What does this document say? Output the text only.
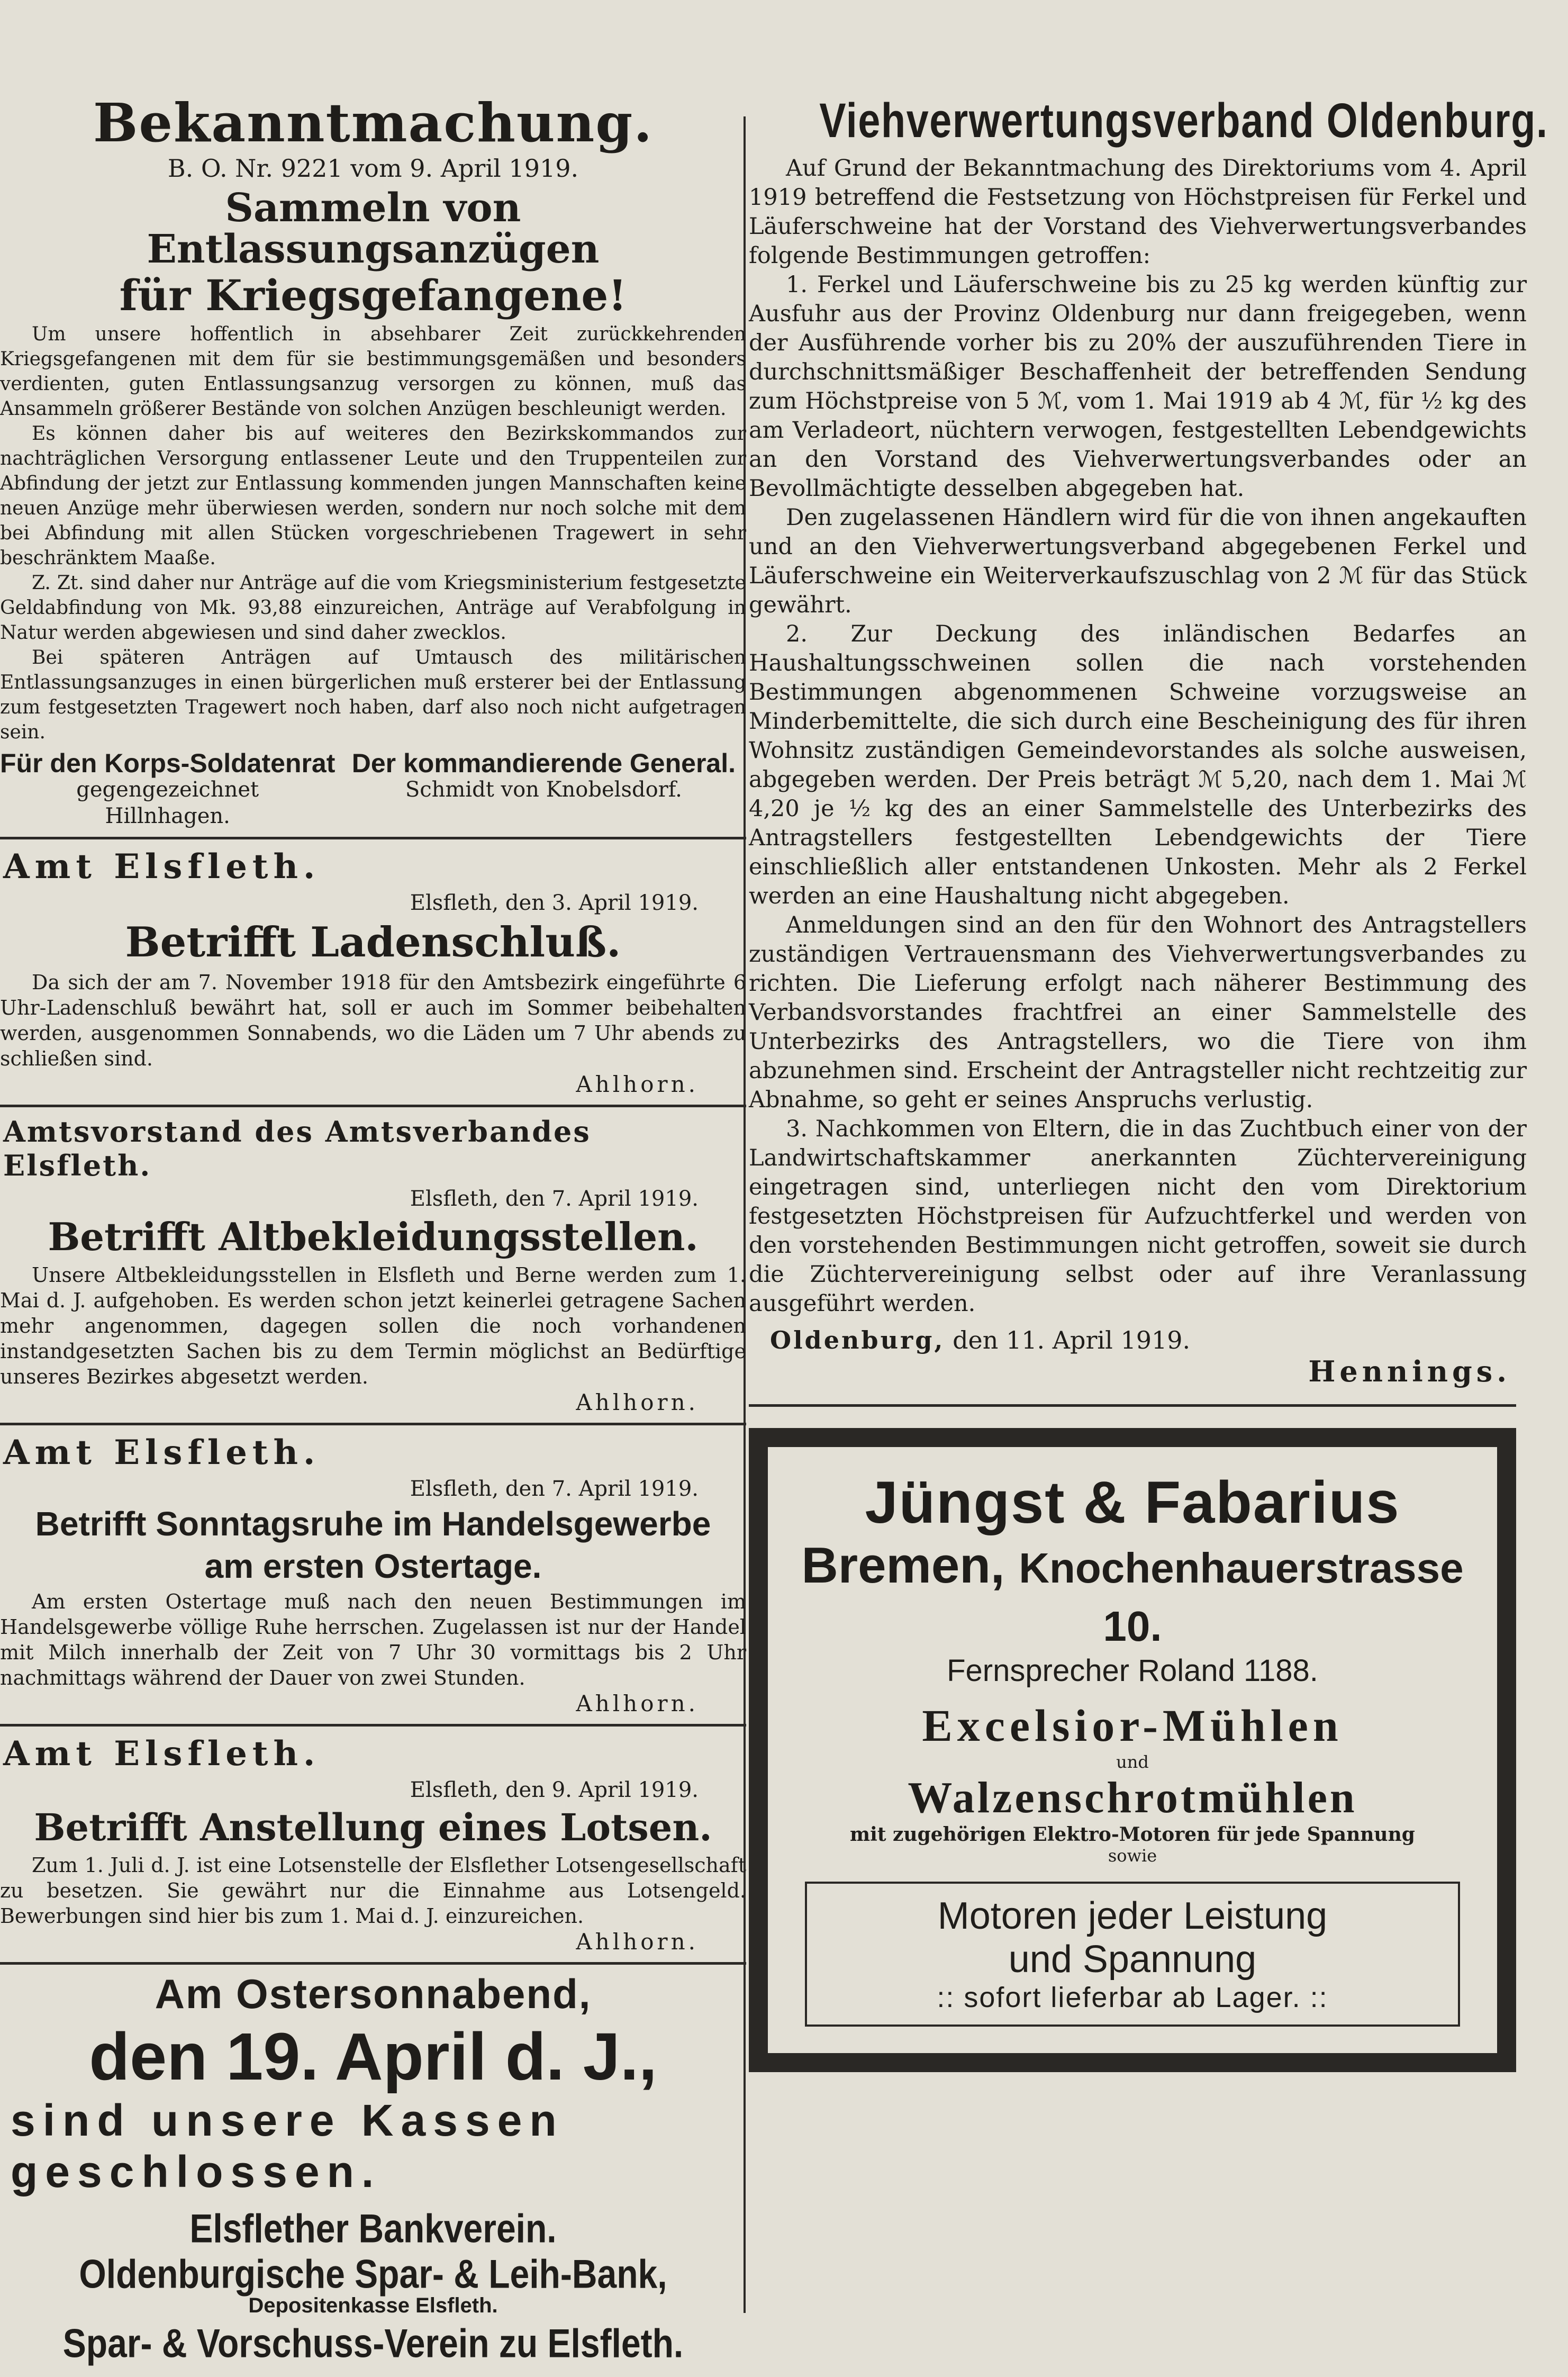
Bekanntmachung.
B. O. Nr. 9221 vom 9. April 1919.
Sammeln von Entlassungsanzügen
für Kriegsgefangene!

Um unsere hoffentlich in absehbarer Zeit zurückkehrenden Kriegsgefangenen mit dem für sie bestimmungsgemäßen und besonders verdienten, guten Entlassungsanzug versorgen zu können, muß das Ansammeln größerer Bestände von solchen Anzügen beschleunigt werden.

Es können daher bis auf weiteres den Bezirkskommandos zur nachträglichen Versorgung entlassener Leute und den Truppenteilen zur Abfindung der jetzt zur Entlassung kommenden jungen Mannschaften keine neuen Anzüge mehr überwiesen werden, sondern nur noch solche mit dem bei Abfindung mit allen Stücken vorgeschriebenen Tragewert in sehr beschränktem Maaße.

Z. Zt. sind daher nur Anträge auf die vom Kriegsministerium festgesetzte Geldabfindung von Mk. 93,88 einzureichen, Anträge auf Verabfolgung in Natur werden abgewiesen und sind daher zwecklos.

Bei späteren Anträgen auf Umtausch des militärischen Entlassungsanzuges in einen bürgerlichen muß ersterer bei der Entlassung zum festgesetzten Tragewert noch haben, darf also noch nicht aufgetragen sein.

Für den Korps-Soldatenrat
gegengezeichnet
Hillnhagen.
Der kommandierende General.
Schmidt von Knobelsdorf.
Amt Elsfleth.
Elsfleth, den 3. April 1919.
Betrifft Ladenschluß.

Da sich der am 7. November 1918 für den Amtsbezirk eingeführte 6 Uhr-Ladenschluß bewährt hat, soll er auch im Sommer beibehalten werden, ausgenommen Sonnabends, wo die Läden um 7 Uhr abends zu schließen sind.

Ahlhorn.
Amtsvorstand des Amtsverbandes Elsfleth.
Elsfleth, den 7. April 1919.
Betrifft Altbekleidungsstellen.

Unsere Altbekleidungsstellen in Elsfleth und Berne werden zum 1. Mai d. J. aufgehoben. Es werden schon jetzt keinerlei getragene Sachen mehr angenommen, dagegen sollen die noch vorhandenen instandgesetzten Sachen bis zu dem Termin möglichst an Bedürftige unseres Bezirkes abgesetzt werden.

Ahlhorn.
Amt Elsfleth.
Elsfleth, den 7. April 1919.
Betrifft Sonntagsruhe im Handelsgewerbe
am ersten Ostertage.

Am ersten Ostertage muß nach den neuen Bestimmungen im Handelsgewerbe völlige Ruhe herrschen. Zugelassen ist nur der Handel mit Milch innerhalb der Zeit von 7 Uhr 30 vormittags bis 2 Uhr nachmittags während der Dauer von zwei Stunden.

Ahlhorn.
Amt Elsfleth.
Elsfleth, den 9. April 1919.
Betrifft Anstellung eines Lotsen.

Zum 1. Juli d. J. ist eine Lotsenstelle der Elsflether Lotsengesellschaft zu besetzen. Sie gewährt nur die Einnahme aus Lotsengeld. Bewerbungen sind hier bis zum 1. Mai d. J. einzureichen.

Ahlhorn.
Am Ostersonnabend,
den 19. April d. J.,
sind unsere Kassen geschlossen.
Elsflether Bankverein.
Oldenburgische Spar- & Leih-Bank,
Depositenkasse Elsfleth.
Spar- & Vorschuss-Verein zu Elsfleth.
Viehverwertungsverband Oldenburg.

Auf Grund der Bekanntmachung des Direktoriums vom 4. April 1919 betreffend die Festsetzung von Höchstpreisen für Ferkel und Läuferschweine hat der Vorstand des Viehverwertungsverbandes folgende Bestimmungen getroffen:

1. Ferkel und Läuferschweine bis zu 25 kg werden künftig zur Ausfuhr aus der Provinz Oldenburg nur dann freigegeben, wenn der Ausführende vorher bis zu 20% der auszuführenden Tiere in durchschnittsmäßiger Beschaffenheit der betreffenden Sendung zum Höchstpreise von 5 ℳ, vom 1. Mai 1919 ab 4 ℳ, für ½ kg des am Verladeort, nüchtern verwogen, festgestellten Lebendgewichts an den Vorstand des Viehverwertungsverbandes oder an Bevollmächtigte desselben abgegeben hat.

Den zugelassenen Händlern wird für die von ihnen angekauften und an den Viehverwertungsverband abgegebenen Ferkel und Läuferschweine ein Weiterverkaufszuschlag von 2 ℳ für das Stück gewährt.

2. Zur Deckung des inländischen Bedarfes an Haushaltungsschweinen sollen die nach vorstehenden Bestimmungen abgenommenen Schweine vorzugsweise an Minderbemittelte, die sich durch eine Bescheinigung des für ihren Wohnsitz zuständigen Gemeindevorstandes als solche ausweisen, abgegeben werden. Der Preis beträgt ℳ 5,20, nach dem 1. Mai ℳ 4,20 je ½ kg des an einer Sammelstelle des Unterbezirks des Antragstellers festgestellten Lebendgewichts der Tiere einschließlich aller entstandenen Unkosten. Mehr als 2 Ferkel werden an eine Haushaltung nicht abgegeben.

Anmeldungen sind an den für den Wohnort des Antragstellers zuständigen Vertrauensmann des Viehverwertungsverbandes zu richten. Die Lieferung erfolgt nach näherer Bestimmung des Verbandsvorstandes frachtfrei an einer Sammelstelle des Unterbezirks des Antragstellers, wo die Tiere von ihm abzunehmen sind. Erscheint der Antragsteller nicht rechtzeitig zur Abnahme, so geht er seines Anspruchs verlustig.

3. Nachkommen von Eltern, die in das Zuchtbuch einer von der Landwirtschaftskammer anerkannten Züchtervereinigung eingetragen sind, unterliegen nicht den vom Direktorium festgesetzten Höchstpreisen für Aufzuchtferkel und werden von den vorstehenden Bestimmungen nicht getroffen, soweit sie durch die Züchtervereinigung selbst oder auf ihre Veranlassung ausgeführt werden.

Oldenburg, den 11. April 1919.
Hennings.
Jüngst & Fabarius
Bremen, Knochenhauerstrasse 10.
Fernsprecher Roland 1188.
Excelsior-Mühlen
und
Walzenschrotmühlen
mit zugehörigen Elektro-Motoren für jede Spannung
sowie
Motoren jeder Leistung
und Spannung
:: sofort lieferbar ab Lager. ::
